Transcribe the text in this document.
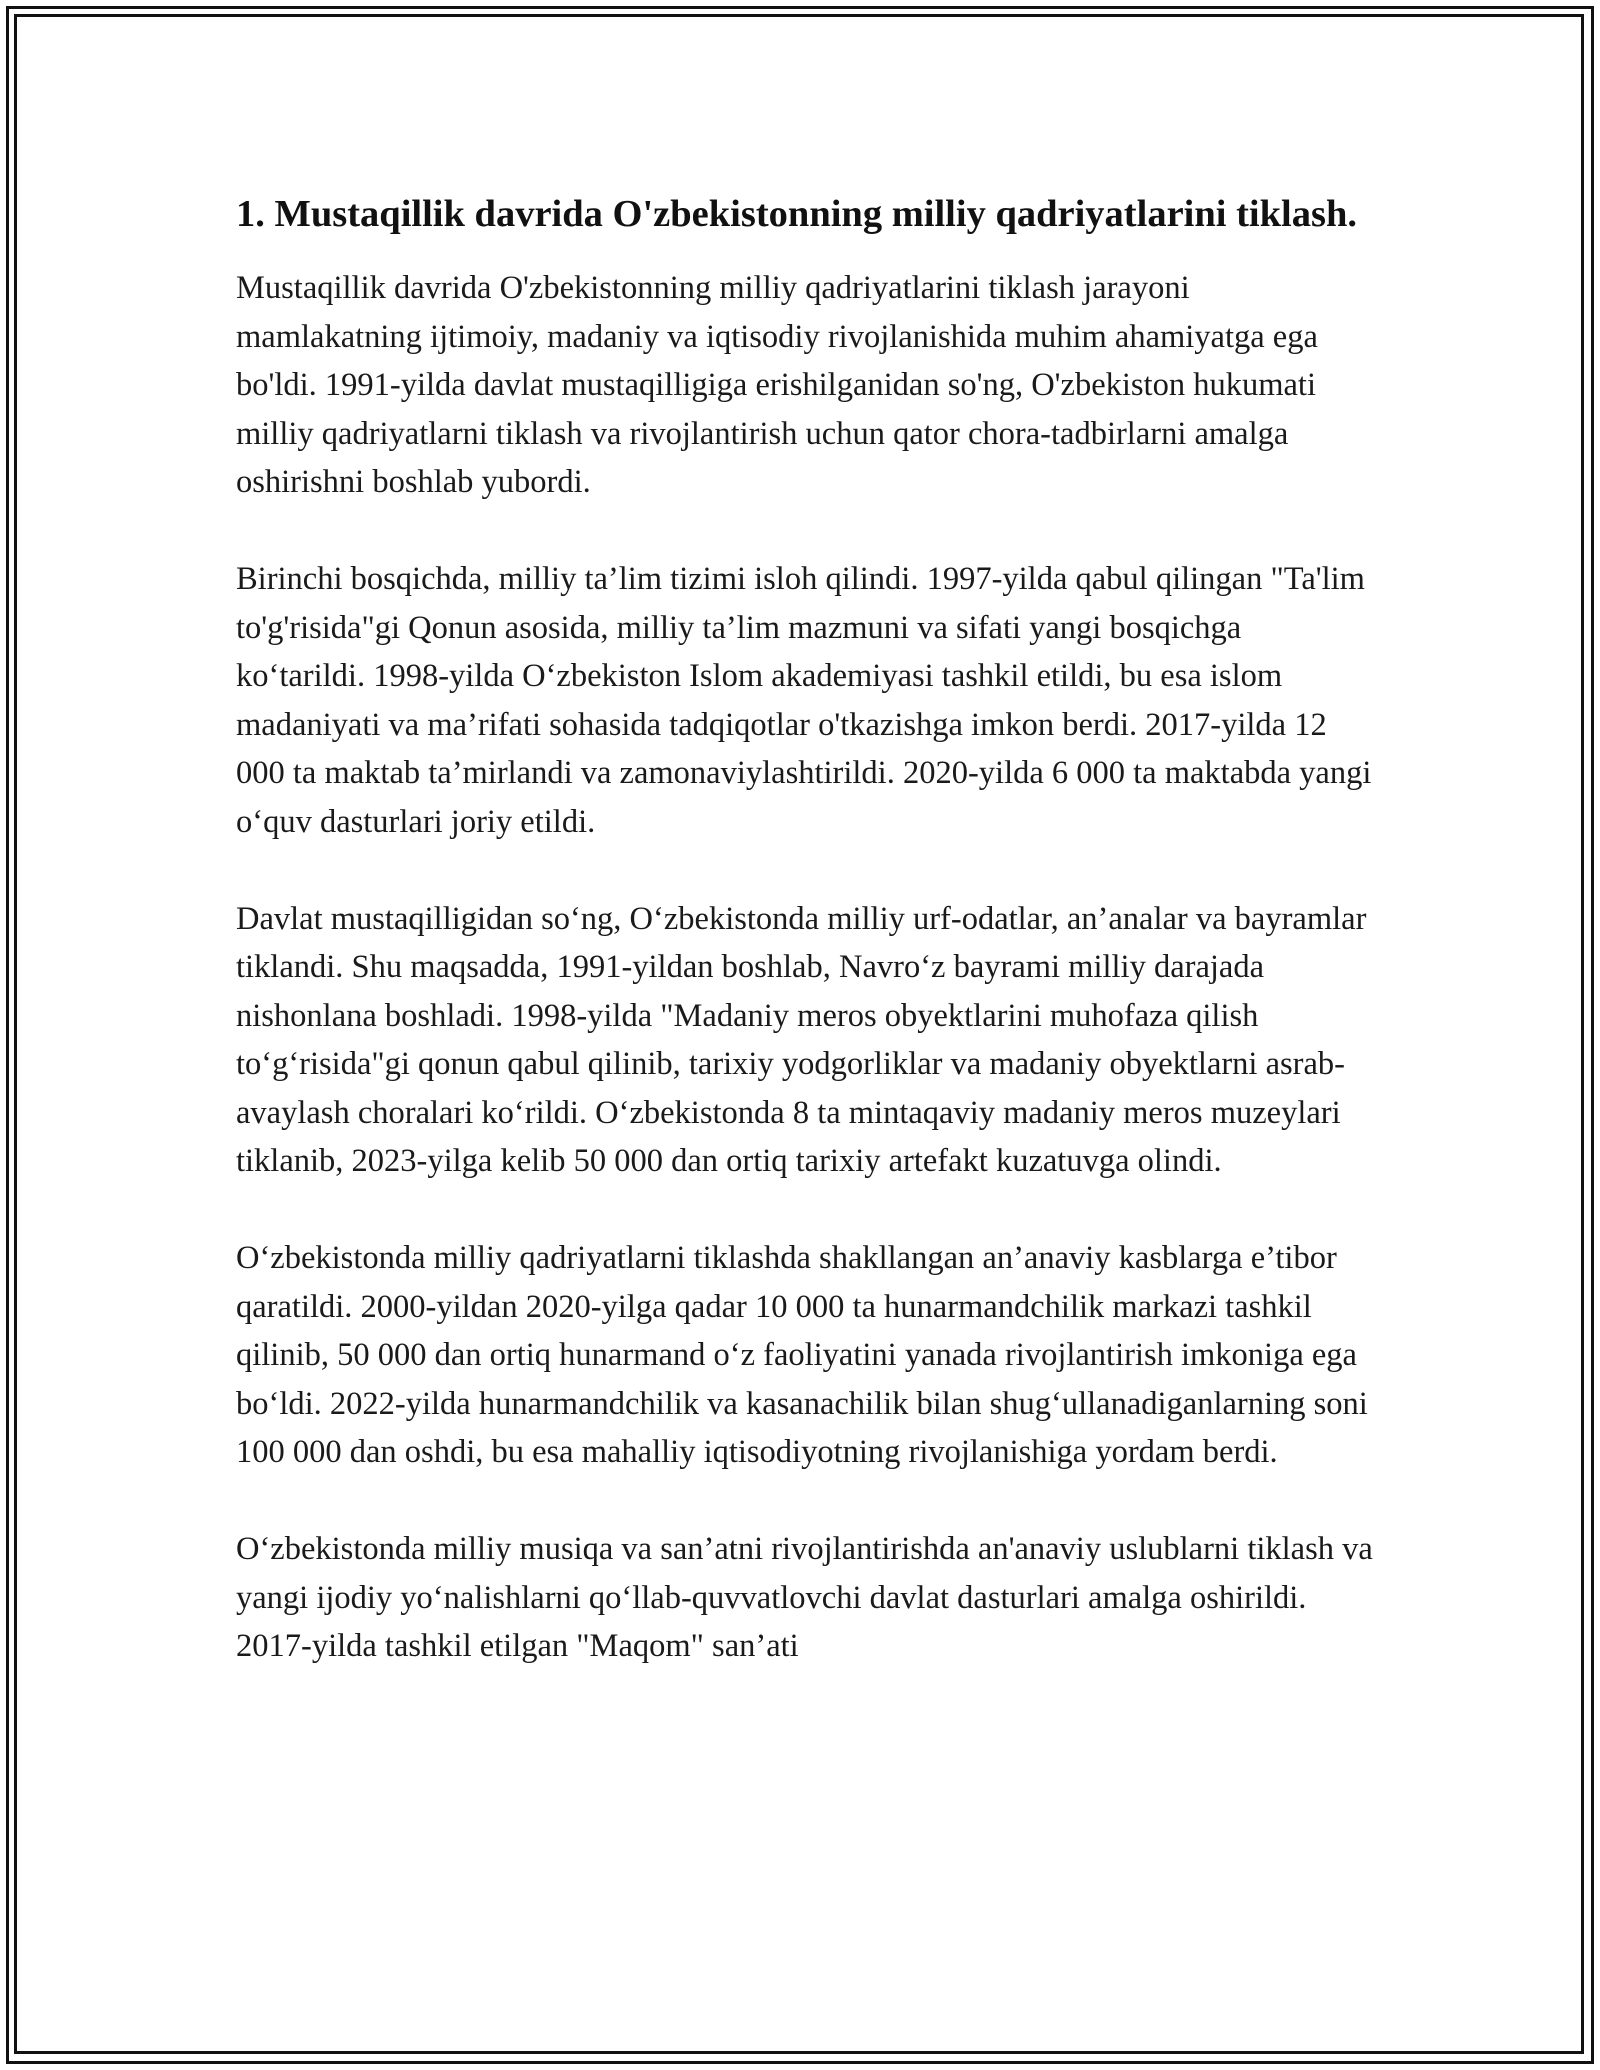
1. Mustaqillik davrida O'zbekistonning milliy qadriyatlarini tiklash.

Mustaqillik davrida O'zbekistonning milliy qadriyatlarini tiklash jarayoni mamlakatning ijtimoiy, madaniy va iqtisodiy rivojlanishida muhim ahamiyatga ega bo'ldi. 1991-yilda davlat mustaqilligiga erishilganidan so'ng, O'zbekiston hukumati milliy qadriyatlarni tiklash va rivojlantirish uchun qator chora-tadbirlarni amalga oshirishni boshlab yubordi.

Birinchi bosqichda, milliy ta’lim tizimi isloh qilindi. 1997-yilda qabul qilingan "Ta'lim to'g'risida"gi Qonun asosida, milliy ta’lim mazmuni va sifati yangi bosqichga ko‘tarildi. 1998-yilda O‘zbekiston Islom akademiyasi tashkil etildi, bu esa islom madaniyati va ma’rifati sohasida tadqiqotlar o'tkazishga imkon berdi. 2017-yilda 12 000 ta maktab ta’mirlandi va zamonaviylashtirildi. 2020-yilda 6 000 ta maktabda yangi o‘quv dasturlari joriy etildi.

Davlat mustaqilligidan so‘ng, O‘zbekistonda milliy urf-odatlar, an’analar va bayramlar tiklandi. Shu maqsadda, 1991-yildan boshlab, Navro‘z bayrami milliy darajada nishonlana boshladi. 1998-yilda "Madaniy meros obyektlarini muhofaza qilish to‘g‘risida"gi qonun qabul qilinib, tarixiy yodgorliklar va madaniy obyektlarni asrab-avaylash choralari ko‘rildi. O‘zbekistonda 8 ta mintaqaviy madaniy meros muzeylari tiklanib, 2023-yilga kelib 50 000 dan ortiq tarixiy artefakt kuzatuvga olindi.

O‘zbekistonda milliy qadriyatlarni tiklashda shakllangan an’anaviy kasblarga e’tibor qaratildi. 2000-yildan 2020-yilga qadar 10 000 ta hunarmandchilik markazi tashkil qilinib, 50 000 dan ortiq hunarmand o‘z faoliyatini yanada rivojlantirish imkoniga ega bo‘ldi. 2022-yilda hunarmandchilik va kasanachilik bilan shug‘ullanadiganlarning soni 100 000 dan oshdi, bu esa mahalliy iqtisodiyotning rivojlanishiga yordam berdi.

O‘zbekistonda milliy musiqa va san’atni rivojlantirishda an'anaviy uslublarni tiklash va yangi ijodiy yo‘nalishlarni qo‘llab-quvvatlovchi davlat dasturlari amalga oshirildi. 2017-yilda tashkil etilgan "Maqom" san’ati
